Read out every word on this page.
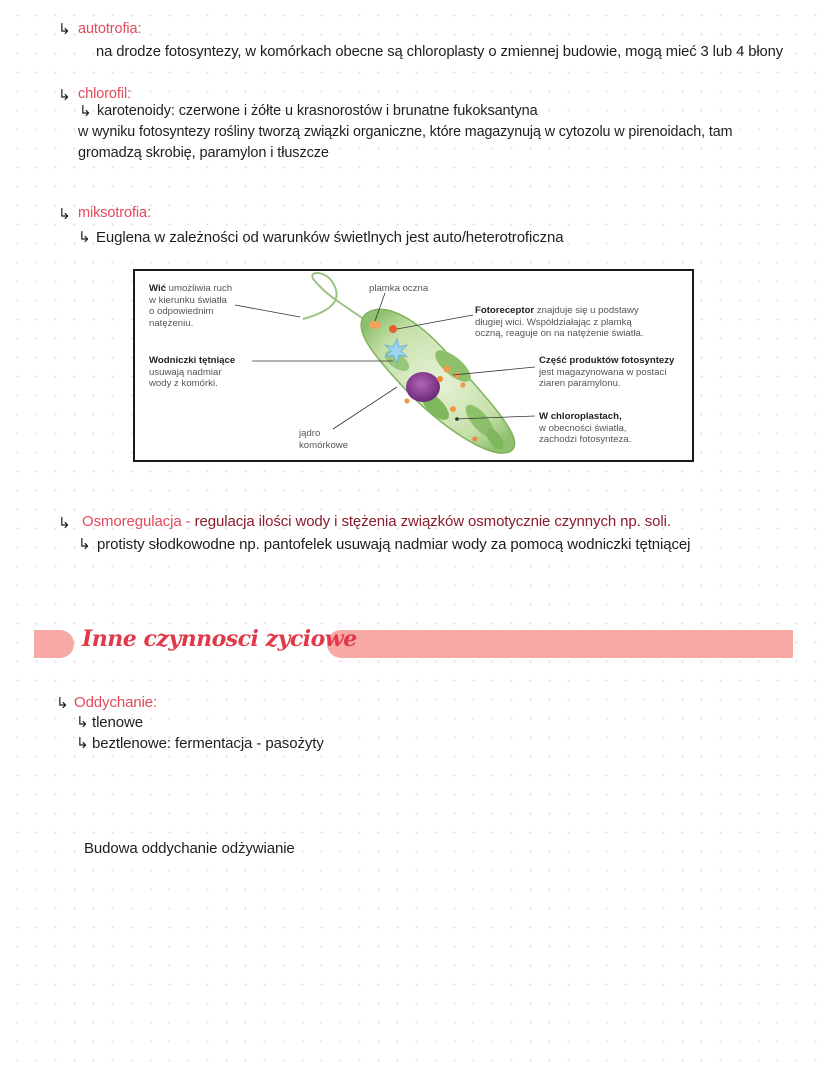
↳ autotrofia:
na drodze fotosyntezy, w komórkach obecne są chloroplasty o zmiennej budowie, mogą mieć 3 lub 4 błony
↳ chlorofil:
↳ karotenoidy: czerwone i żółte u krasnorostów i brunatne fukoksantyna
w wyniku fotosyntezy rośliny tworzą związki organiczne, które magazynują w cytozolu w pirenoidach, tam
gromadzą skrobię, paramylon i tłuszcze
↳ miksotrofia:
↳ Euglena w zależności od warunków świetlnych jest auto/heterotroficzna
Wić umożliwia ruch
w kierunku światła
o odpowiednim
natężeniu.
plamka oczna
Fotoreceptor znajduje się u podstawy
długiej wici. Współdziałając z plamką
oczną, reaguje on na natężenie światła.
Wodniczki tętniące
usuwają nadmiar
wody z komórki.
Część produktów fotosyntezy
jest magazynowana w postaci
ziaren paramylonu.
jądro
komórkowe
W chloroplastach,
w obecności światła,
zachodzi fotosynteza.
↳ Osmoregulacja - regulacja ilości wody i stężenia związków osmotycznie czynnych np. soli.
↳ protisty słodkowodne np. pantofelek usuwają nadmiar wody za pomocą wodniczki tętniącej
Inne czynnosci zyciowe
↳ Oddychanie:
↳ tlenowe
↳ beztlenowe: fermentacja - pasożyty
Budowa oddychanie odżywianie
